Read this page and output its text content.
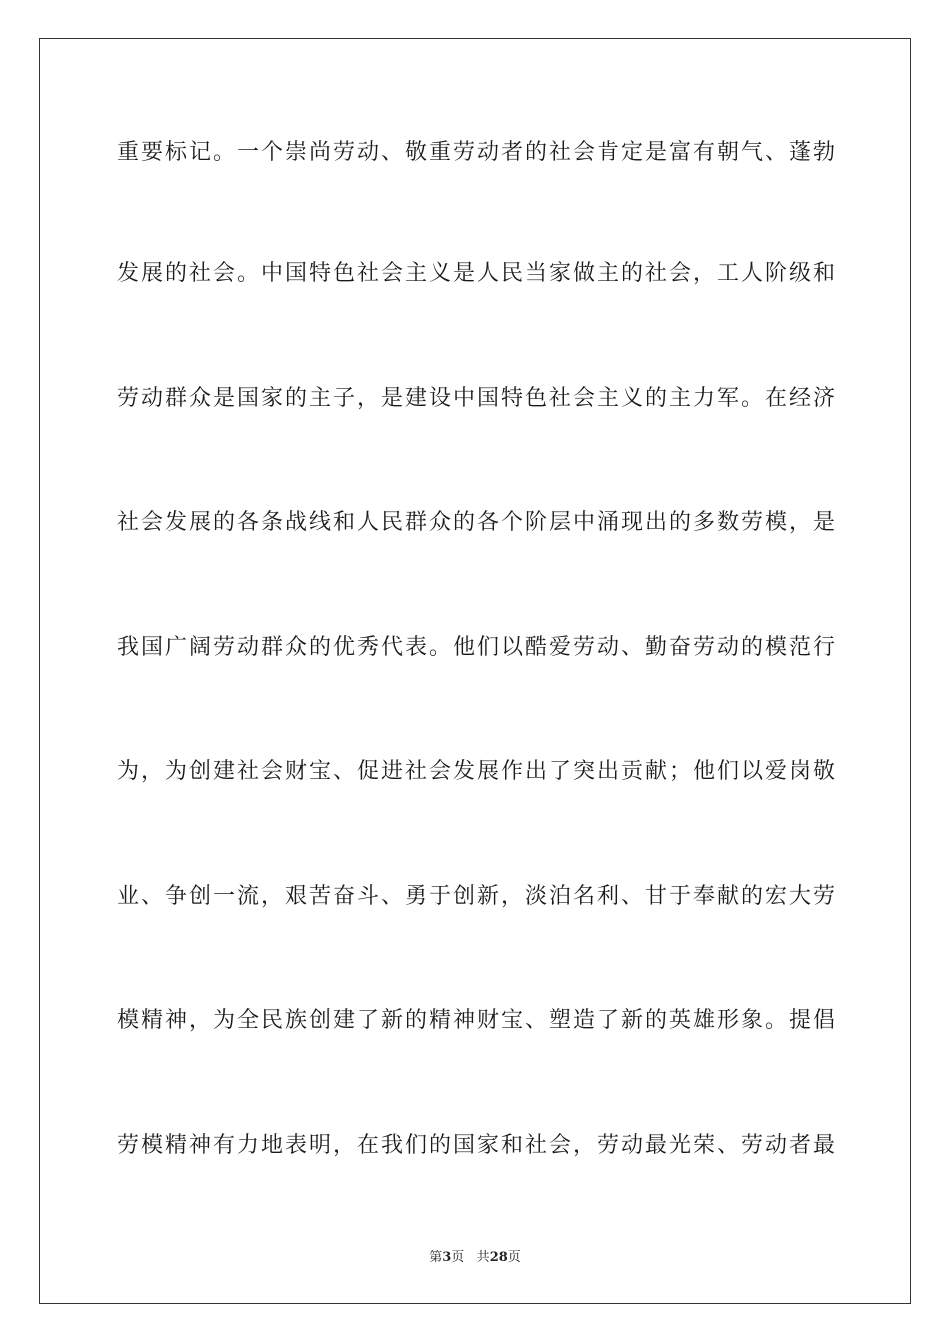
重要标记。一个崇尚劳动、敬重劳动者的社会肯定是富有朝气、蓬勃
发展的社会。中国特色社会主义是人民当家做主的社会，工人阶级和
劳动群众是国家的主子，是建设中国特色社会主义的主力军。在经济
社会发展的各条战线和人民群众的各个阶层中涌现出的多数劳模，是
我国广阔劳动群众的优秀代表。他们以酷爱劳动、勤奋劳动的模范行
为，为创建社会财宝、促进社会发展作出了突出贡献；他们以爱岗敬
业、争创一流，艰苦奋斗、勇于创新，淡泊名利、甘于奉献的宏大劳
模精神，为全民族创建了新的精神财宝、塑造了新的英雄形象。提倡
劳模精神有力地表明，在我们的国家和社会，劳动最光荣、劳动者最
第3页 共28页
